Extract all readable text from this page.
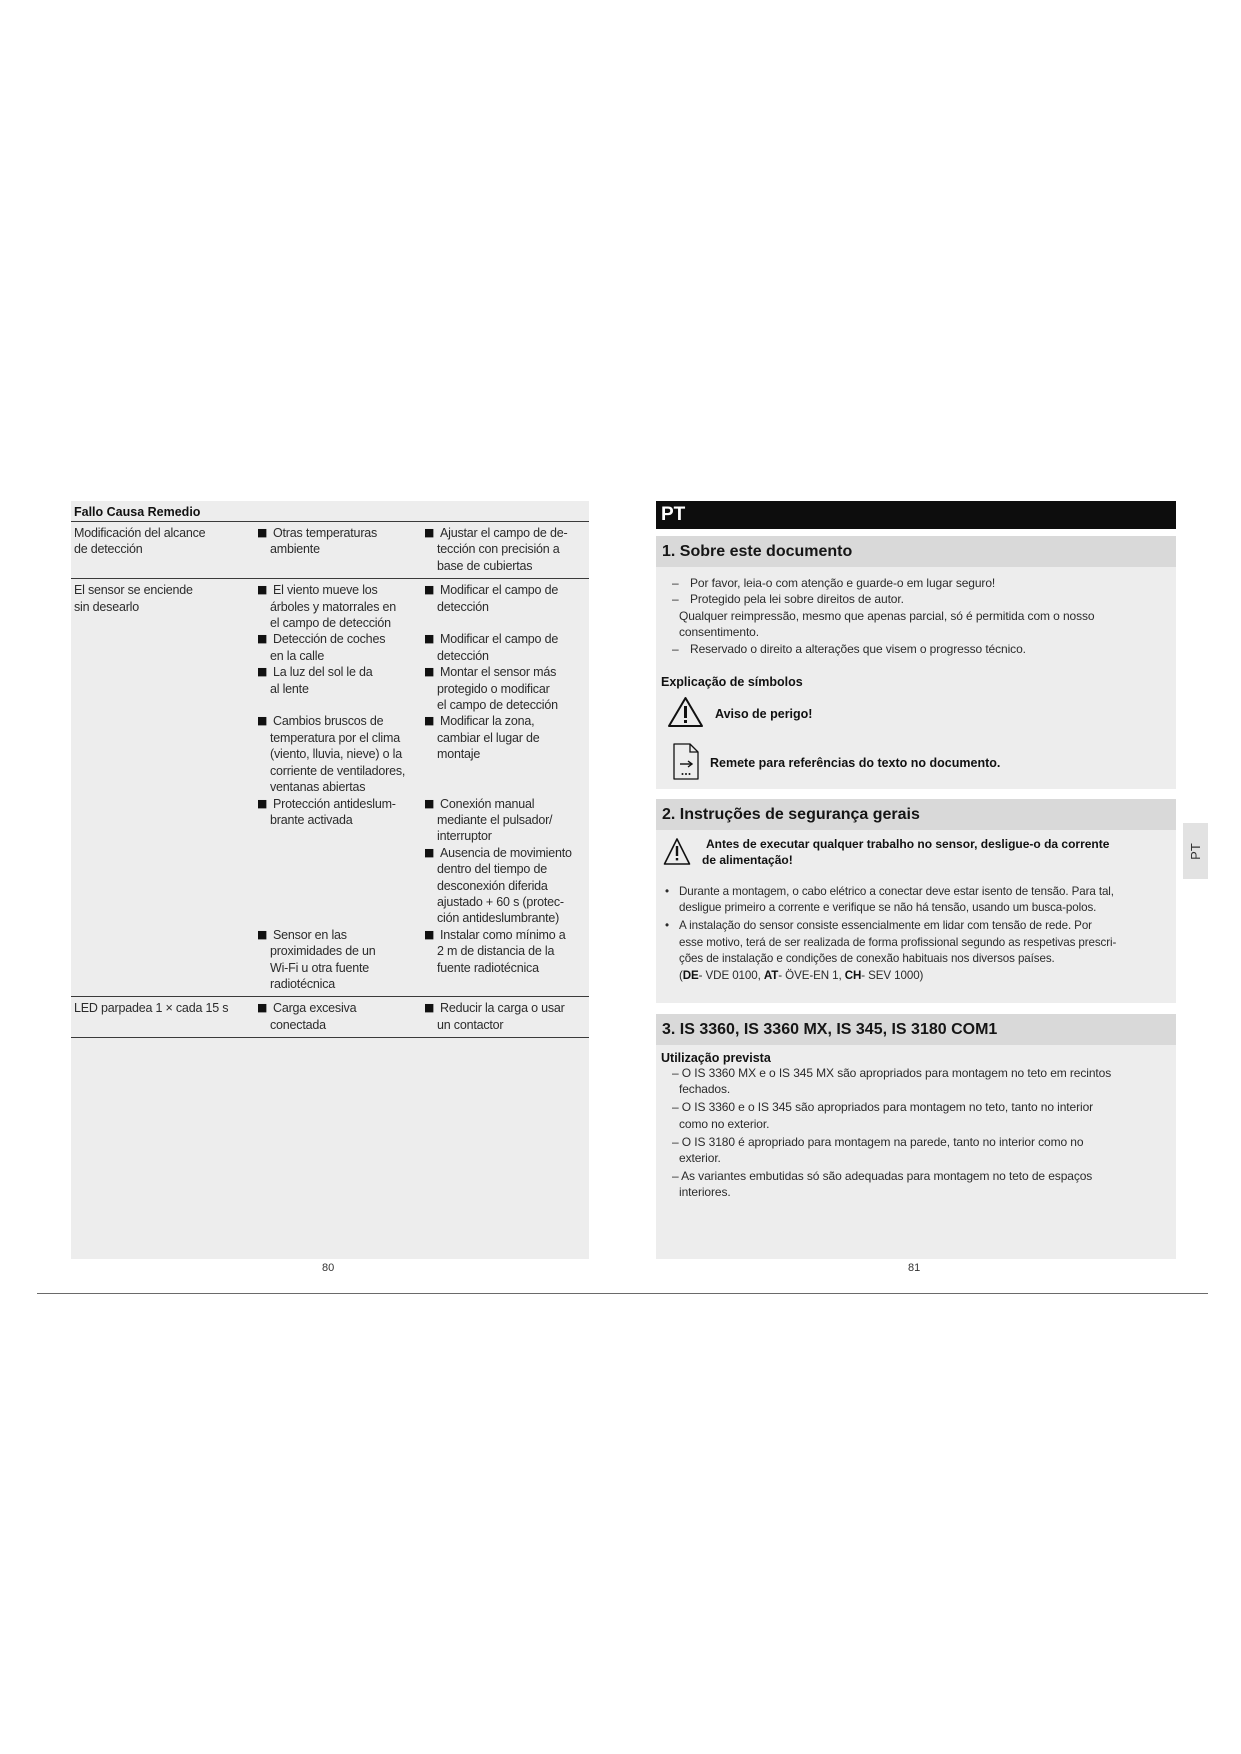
Fallo Causa Remedio
Modificación del alcance
de detección
■ Otras temperaturas
ambiente
■ Ajustar el campo de de-
tección con precisión a
base de cubiertas
El sensor se enciende
sin desearlo
■ El viento mueve los
árboles y matorrales en
el campo de detección
■ Modificar el campo de
detección
■ Detección de coches
en la calle
■ Modificar el campo de
detección
■ La luz del sol le da
al lente
■ Montar el sensor más
protegido o modificar
el campo de detección
■ Cambios bruscos de
temperatura por el clima
(viento, lluvia, nieve) o la
corriente de ventiladores,
ventanas abiertas
■ Modificar la zona,
cambiar el lugar de
montaje
■ Protección antideslum-
brante activada
■ Conexión manual
mediante el pulsador/
interruptor
■ Ausencia de movimiento
dentro del tiempo de
desconexión diferida
ajustado + 60 s (protec-
ción antideslumbrante)
■ Sensor en las
proximidades de un
Wi-Fi u otra fuente
radiotécnica
■ Instalar como mínimo a
2 m de distancia de la
fuente radiotécnica
LED parpadea 1 × cada 15 s	■ Carga excesiva
conectada
■ Reducir la carga o usar
un contactor
80
PT
1. Sobre este documento
– Por favor, leia-o com atenção e guarde-o em lugar seguro!
– Protegido pela lei sobre direitos de autor.
Qualquer reimpressão, mesmo que apenas parcial, só é permitida com o nosso
consentimento.
– Reservado o direito a alterações que visem o progresso técnico.
Explicação de símbolos
Aviso de perigo!
Remete para referências do texto no documento.
2. Instruções de segurança gerais
Antes de executar qualquer trabalho no sensor, desligue-o da corrente
de alimentação!
• Durante a montagem, o cabo elétrico a conectar deve estar isento de tensão. Para tal,
desligue primeiro a corrente e verifique se não há tensão, usando um busca-polos.
• A instalação do sensor consiste essencialmente em lidar com tensão de rede. Por
esse motivo, terá de ser realizada de forma profissional segundo as respetivas prescri-
ções de instalação e condições de conexão habituais nos diversos países.
(DE- VDE 0100, AT- ÖVE-EN 1, CH- SEV 1000)
3. IS 3360, IS 3360 MX, IS 345, IS 3180 COM1
Utilização prevista
– O IS 3360 MX e o IS 345 MX são apropriados para montagem no teto em recintos
fechados.
– O IS 3360 e o IS 345 são apropriados para montagem no teto, tanto no interior
como no exterior.
– O IS 3180 é apropriado para montagem na parede, tanto no interior como no
exterior.
– As variantes embutidas só são adequadas para montagem no teto de espaços
interiores.
PT
81
